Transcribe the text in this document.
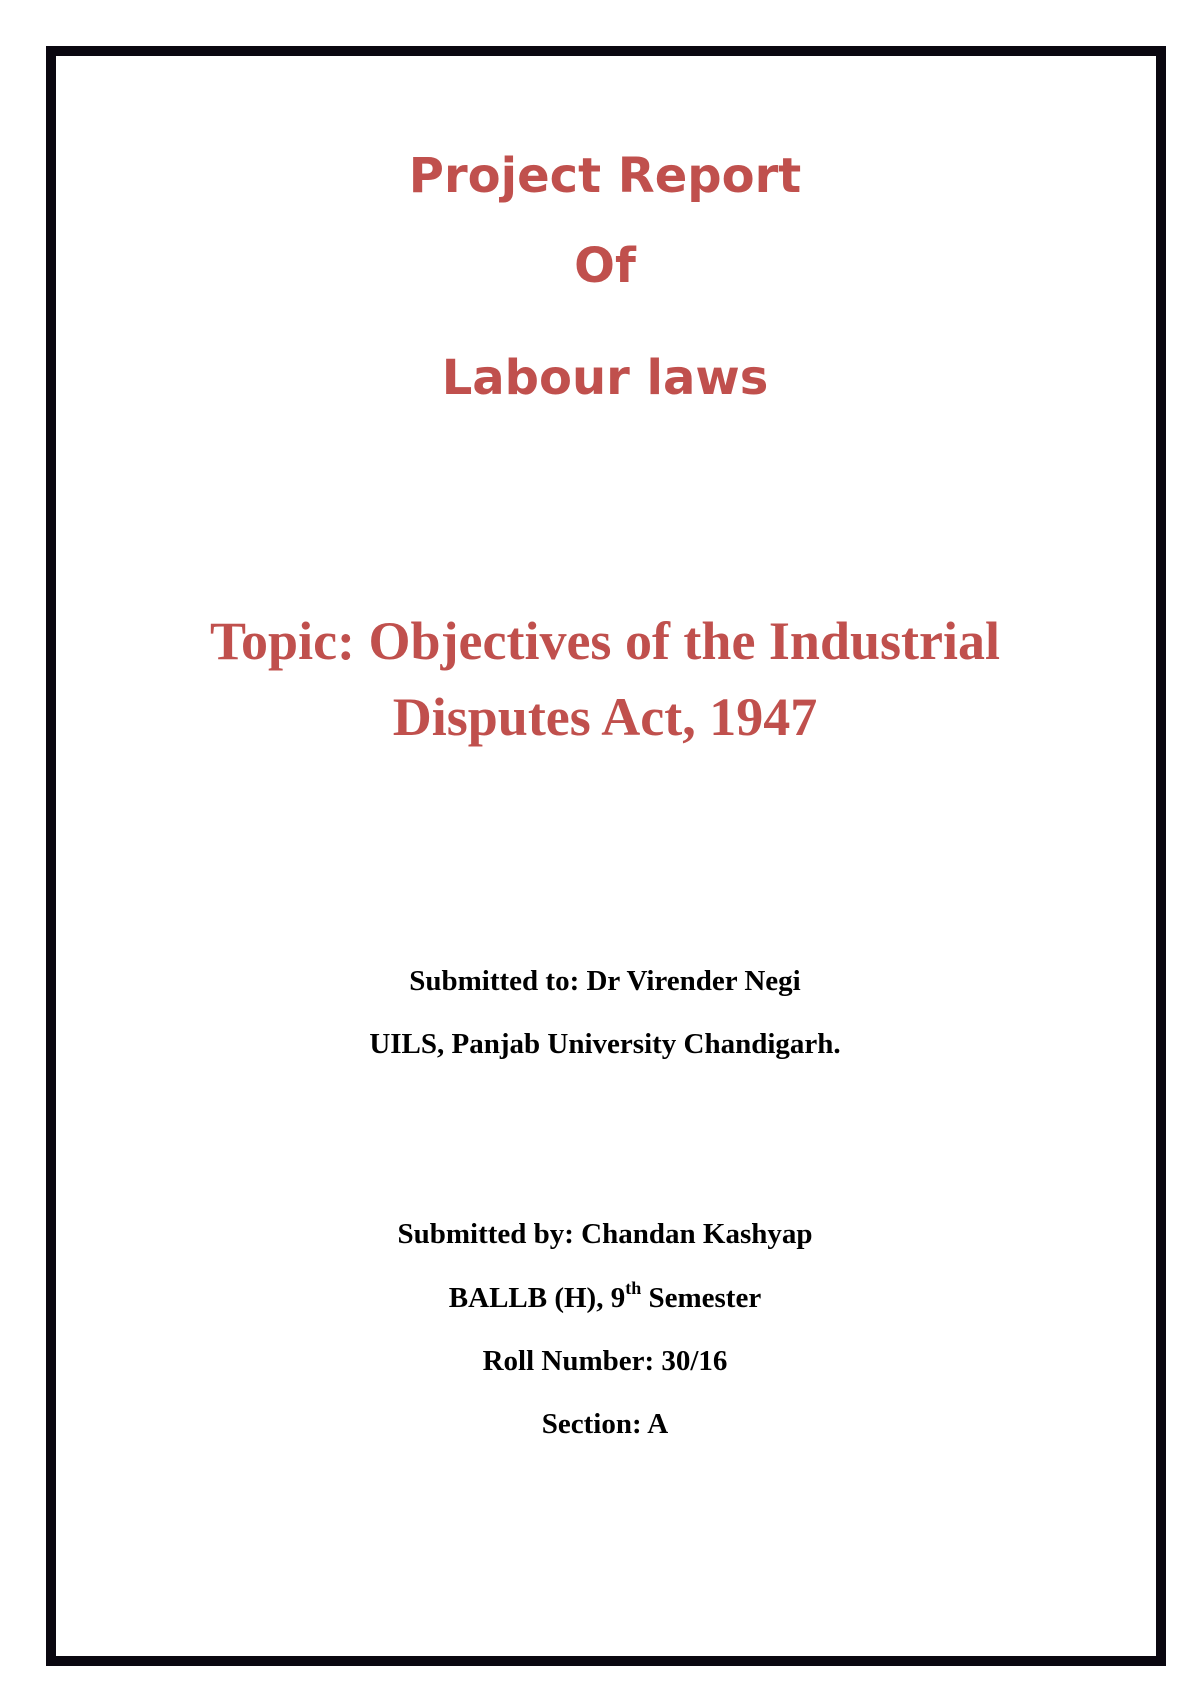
Project Report
Of
Labour laws
Topic: Objectives of the Industrial
Disputes Act, 1947
Submitted to: Dr Virender Negi
UILS, Panjab University Chandigarh.
Submitted by: Chandan Kashyap
BALLB (H), 9th Semester
Roll Number: 30/16
Section: A
